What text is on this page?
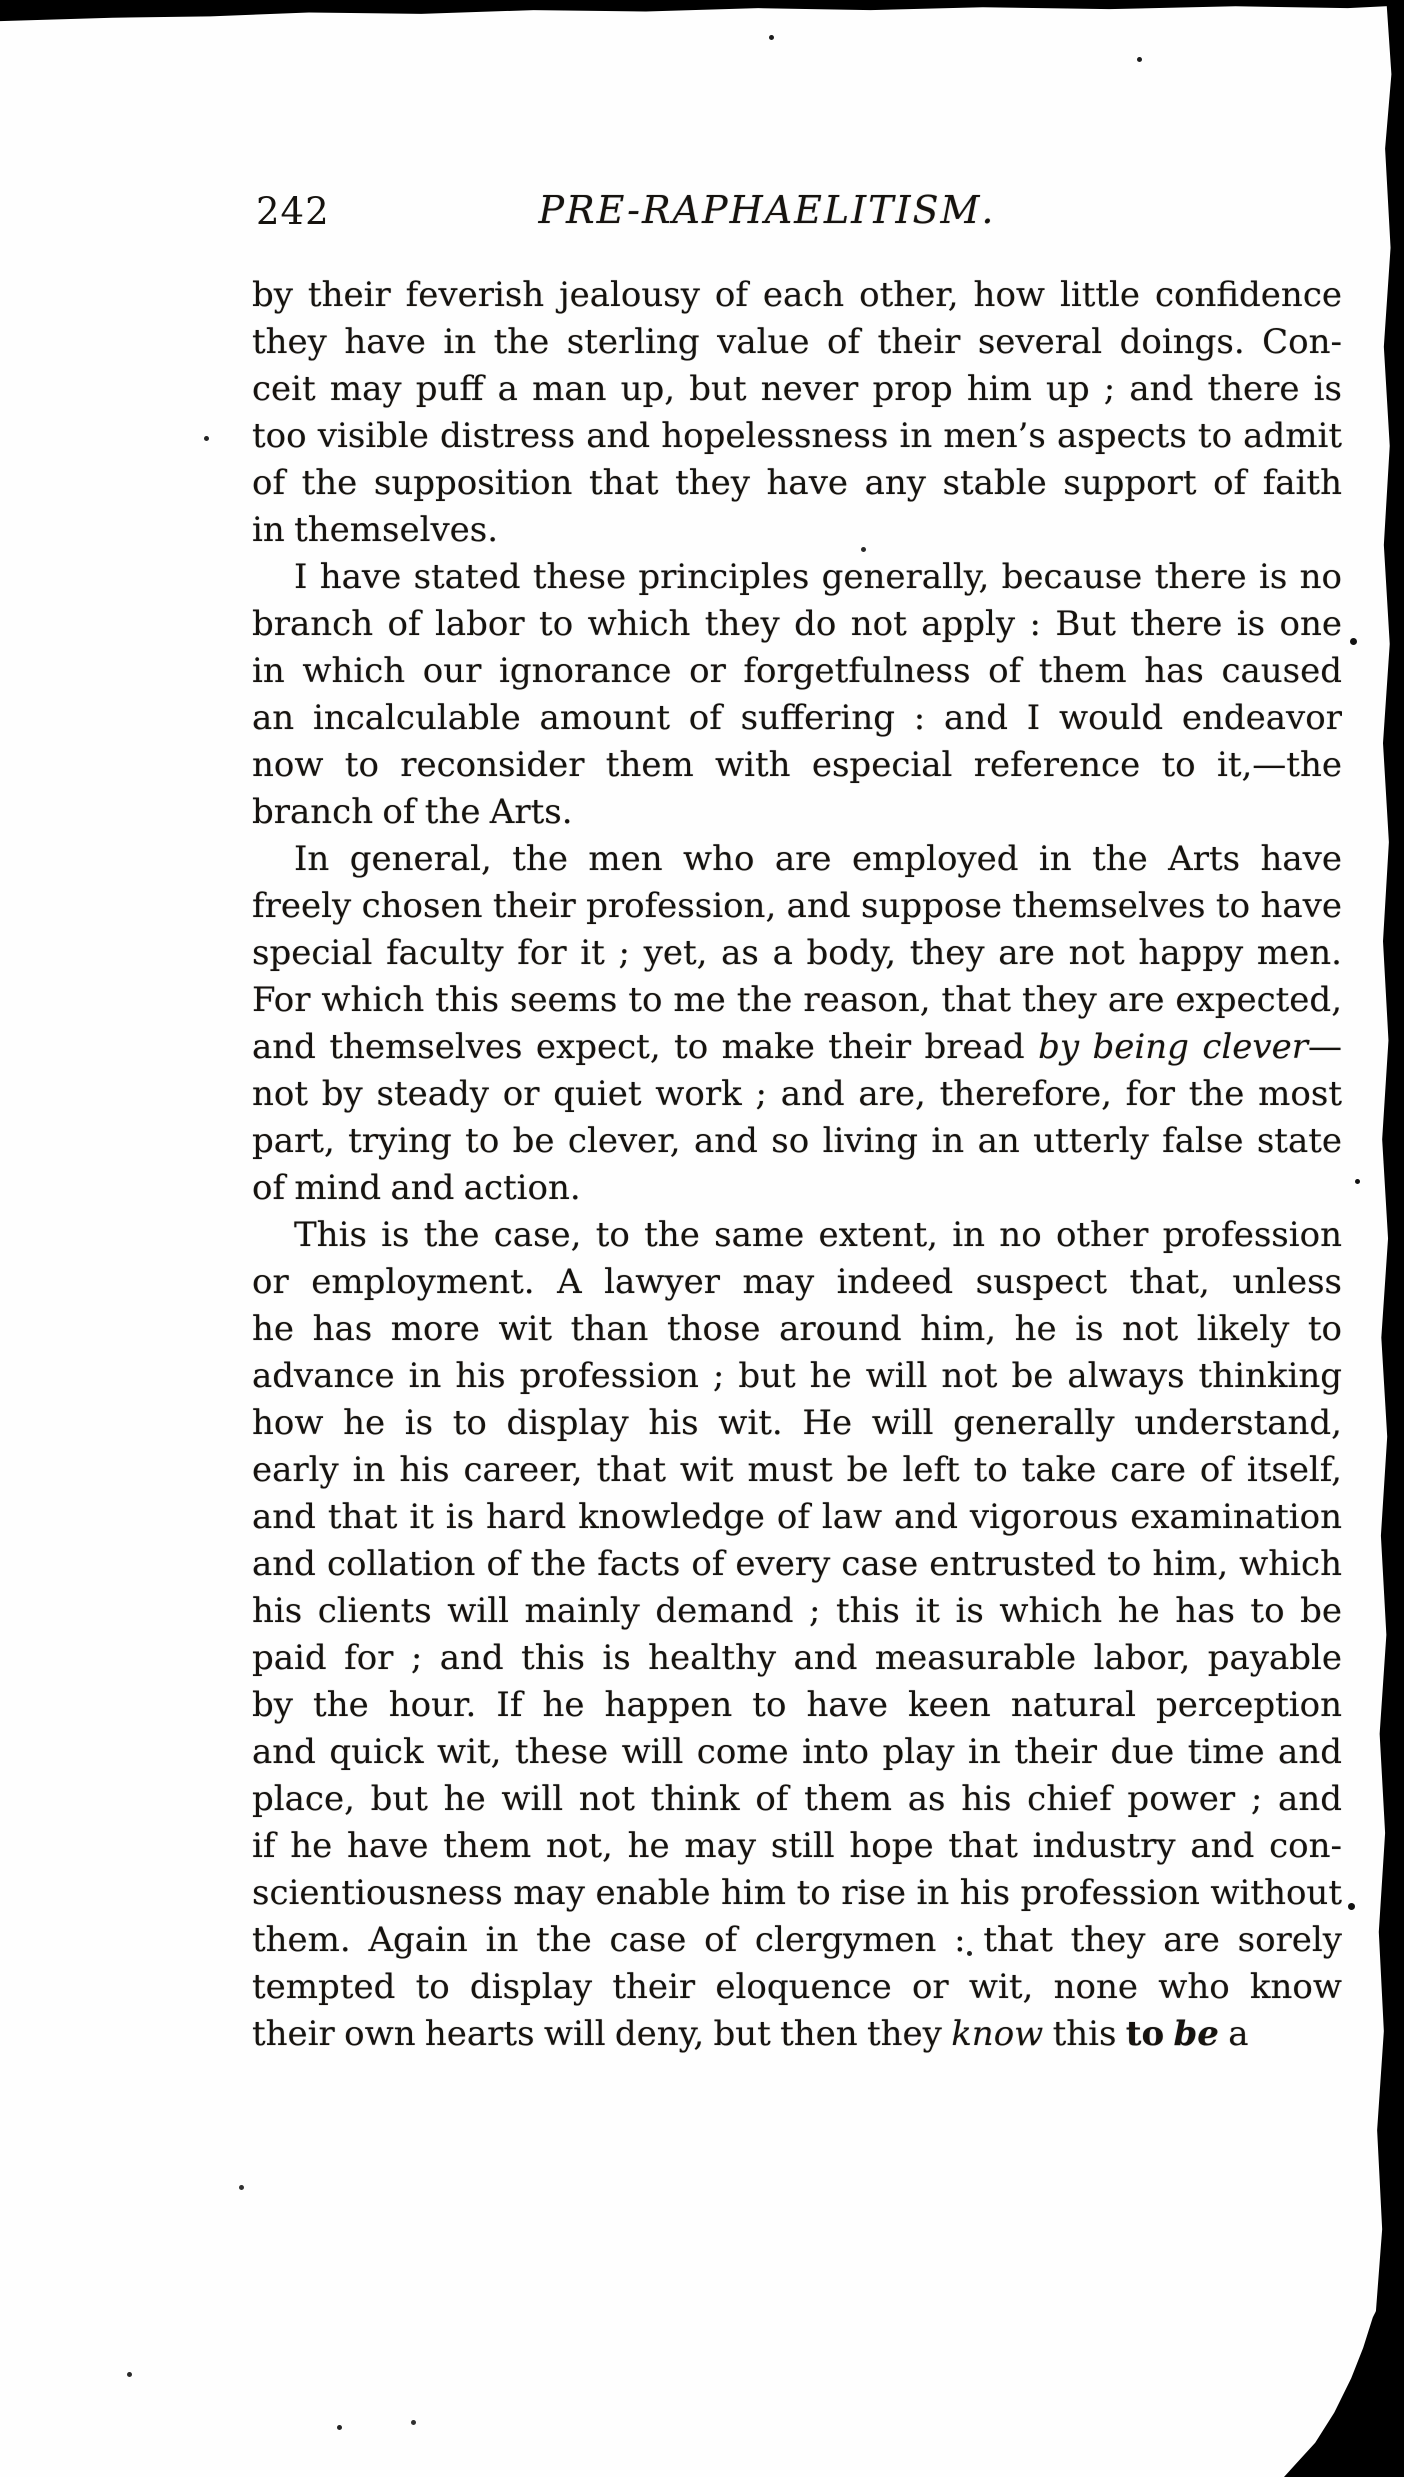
242	PRE-RAPHAELITISM.
by their feverish jealousy of each other, how little confidence
they have in the sterling value of their several doings. Con-
ceit may puff a man up, but never prop him up ; and there is
too visible distress and hopelessness in men’s aspects to admit
of the supposition that they have any stable support of faith
in themselves.
I have stated these principles generally, because there is no
branch of labor to which they do not apply : But there is one
in which our ignorance or forgetfulness of them has caused
an incalculable amount of suffering : and I would endeavor
now to reconsider them with especial reference to it,—the
branch of the Arts.
In general, the men who are employed in the Arts have
freely chosen their profession, and suppose themselves to have
special faculty for it ; yet, as a body, they are not happy men.
For which this seems to me the reason, that they are expected,
and themselves expect, to make their bread by being clever—
not by steady or quiet work ; and are, therefore, for the most
part, trying to be clever, and so living in an utterly false state
of mind and action.
This is the case, to the same extent, in no other profession
or employment. A lawyer may indeed suspect that, unless
he has more wit than those around him, he is not likely to
advance in his profession ; but he will not be always thinking
how he is to display his wit. He will generally understand,
early in his career, that wit must be left to take care of itself,
and that it is hard knowledge of law and vigorous examination
and collation of the facts of every case entrusted to him, which
his clients will mainly demand ; this it is which he has to be
paid for ; and this is healthy and measurable labor, payable
by the hour. If he happen to have keen natural perception
and quick wit, these will come into play in their due time and
place, but he will not think of them as his chief power ; and
if he have them not, he may still hope that industry and con-
scientiousness may enable him to rise in his profession without
them. Again in the case of clergymen : that they are sorely
tempted to display their eloquence or wit, none who know
their own hearts will deny, but then they know this to be a
